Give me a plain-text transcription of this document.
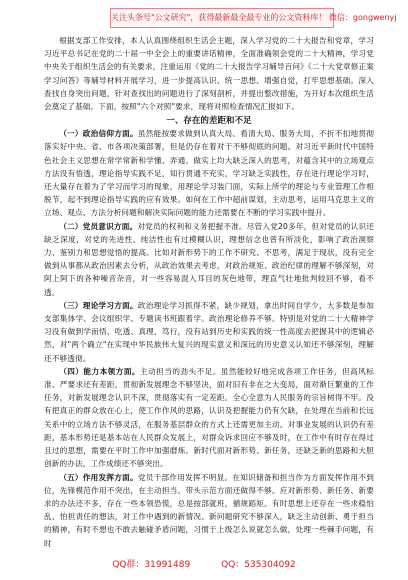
关注头条号"公文研究"，获得最新最全最专业的公文资料库！ 微信：gongwenyj

根据支部工作安排，本人认真围绕组织生活会主题，深入学习党的二十大报告和党章，学习习近平总书记在党的二十届一中全会上的重要讲话精神，全面准确领会党的二十大精神，学习党中央关于组织生活会的有关要求，注重运用《党的二十大报告学习辅导百问》《二十大党章修正案学习问答》等辅导材料开展学习，进一步提高认识、统一思想、增强自觉，打牢思想基础。深入查找自身突出问题，针对查找出的问题进行了深刻剖析，并提出整改措施，为开好本次组织生活会奠定了基础。下面，按照"六个对照"要求，现将对照检查情况汇报如下。

一、存在的差距和不足

（一）政治信仰方面。虽然能按要求做到认真大局、看清大局、服务大局，不折不扣地贯彻落实好中央、省、市各项决策部署，但是仍存在着对于不够彻底的问题。对习近平新时代中国特色社会主义思想在常学常新和学懂、弄通、做实上均大缺乏深入的思考，对蕴含其中的立场观点方法没有悟透，理论指导实践不足，知行贯通不充实，学习缺乏实践性，存在进行理论学习时，还大量存在着为了学习而学习的现象，用理论学习装门面，实际上所学的理论与专业管理工作相脱节，起不到理论指导实践的应有效果。如何在工作中超前谋划，主动思考，运用马克思主义的立场、观点、方法分析问题和解决实际问题的能力还需要在不断的学习实践中提升。

（二）党员意识方面。对党员的权利和义务把握不准。尽管入党20多年，但对党员的认识还缺乏深度，对党的先进性、纯洁性也有过模糊认识，理想信念也曾有所淡化，影响了政治洞察力、鉴别力和思想觉悟的提高。比如对新形势下的工作不研究、不思考，满足于现状，没有完全做到从事都从政治因素去分析，从政治效果去考虑，对政治规矩、政治纪律的理解不够深刻，对阿上阿下的各种噪音杂音，对一些容易混入耳目的灰色地带，理直气壮地批判较回不够，看不透。

（三）理论学习方面。政治理论学习抓得不紧，缺少规划，拿出时间自学少，大多数是参加支部集体学、会议组织学、专题读书班跟着学。政治理论修养不够。特别是对党的二十大精神学习没有做到学而悟、吃透、真理、笃行，没有站到历史和实践的统一性高度去把握其中的逻辑必然，对"两个确立"在实现中华民族伟大复兴的现实意义和深远的历史意义认知还不够深刻，理解还不够透彻。

（四）能力本领方面。主动担当的劲头不足。虽然能较好地完成各项工作任务，但高风标准、严要求还有差距，贯彻新发展理念不够坚决，面对旧有非在之大变局，面对渐巨繁重的工作任务，对新发展理念认识不深，贯彻落实有一定差距。全心全意为人民服务的宗旨树得不牢。没有把真正的群众放在心上，使工作作风的思路，认识及把握能力仍有欠缺，在处理在当前和长远关系中的立场方法不够灵活，在服务基层群众的方式上还需更加主动。对事业发展的认识仍有差距，基本形势还是基本站在人民群众发展上，对群众诉求回应不够及时，在工作中有时存在得过且过的思想，需要在平时工作中加强磨炼。新时代面对新形势、新任务，还缺乏新的思路和大胆创新的办法，工作成绩还不够突出。

（五）作用发挥方面。党员干部作用发挥不明显。在知识储备和担当作为方面发挥作用不到位，先锋模范作用不突出，在主动担当、带头示范方面还做得不够。应对新形势、新任务、新要求的办法还不多，存在一些本领恐慌，总是按部就班，循规蹈矩。有时思想上还存在一些求稳怕乱、怕担责任的想法，对工作中遇到的新情况、新问题研究不够深入，缺乏主动创新、勇于担当的精神，有时不想也不敢去触碰矛盾问题，习惯于上级怎么说就怎么做，处理一些棘手问题，有时

QQ群：31991489	QQ：535304092
